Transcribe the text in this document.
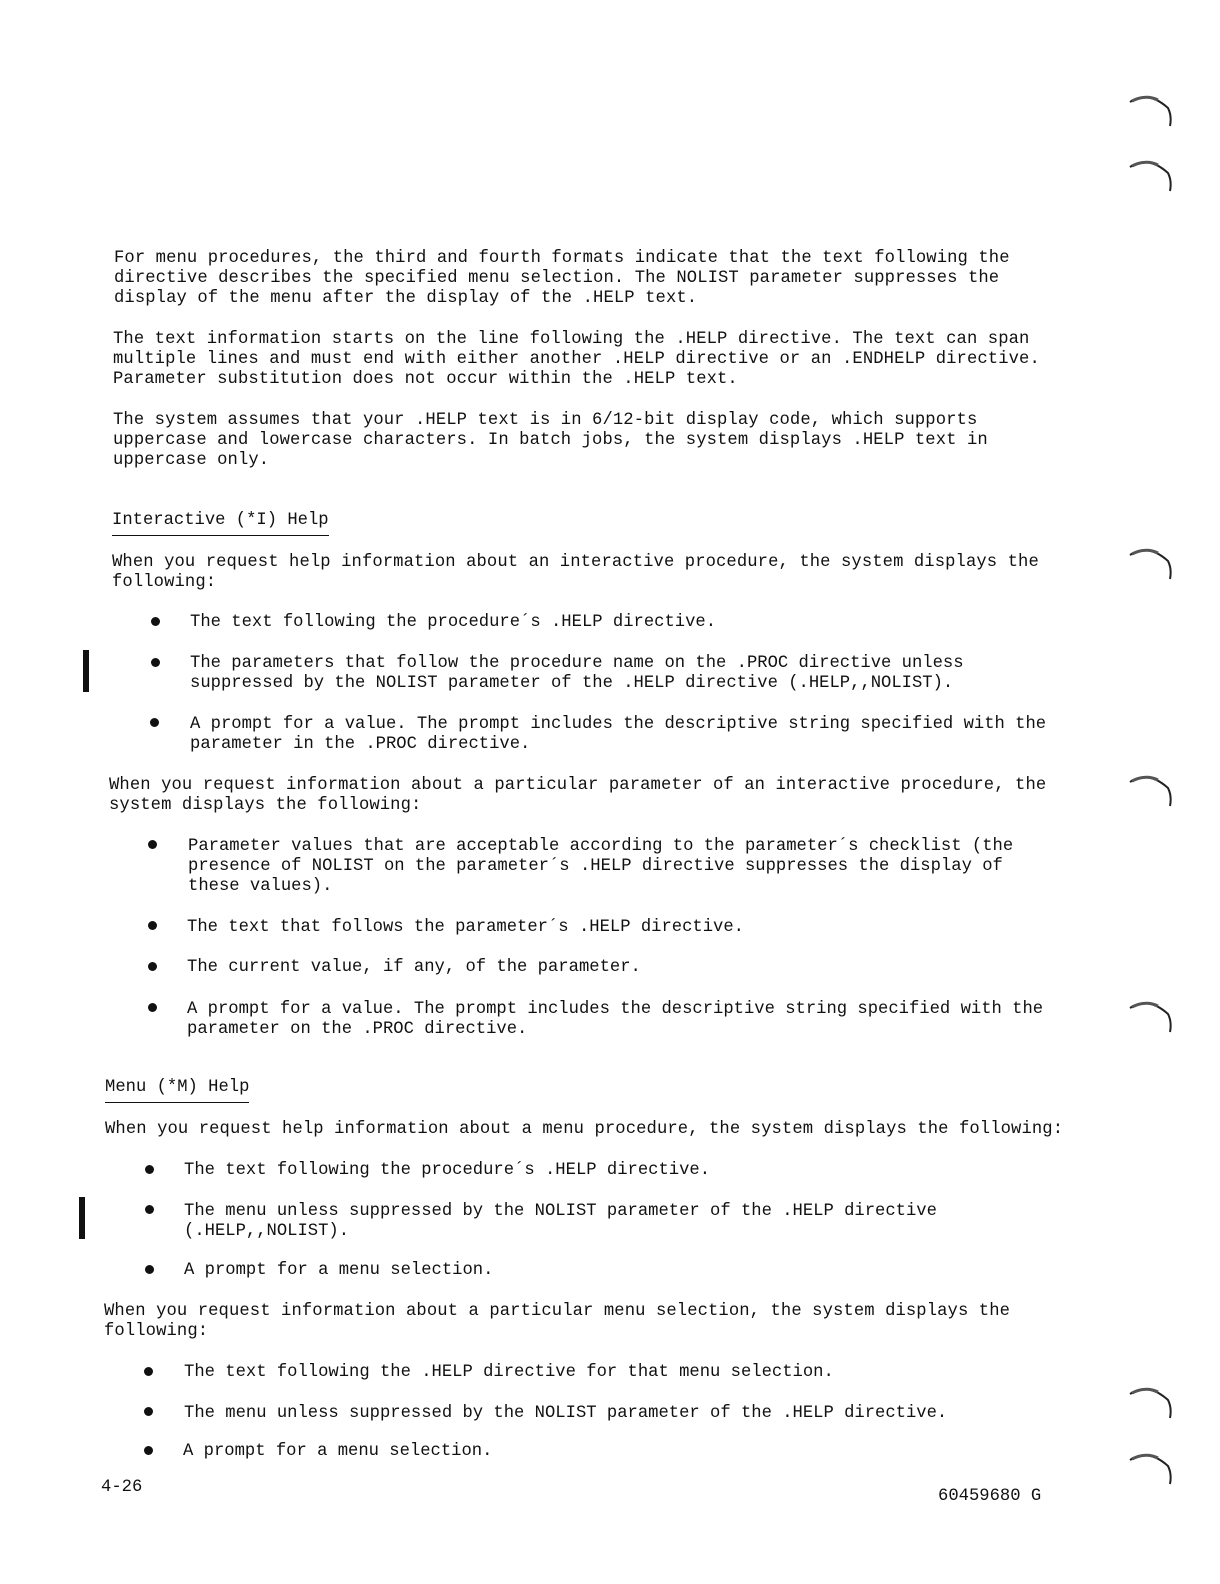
For menu procedures, the third and fourth formats indicate that the text following the
directive describes the specified menu selection. The NOLIST parameter suppresses the
display of the menu after the display of the .HELP text.
The text information starts on the line following the .HELP directive. The text can span
multiple lines and must end with either another .HELP directive or an .ENDHELP directive.
Parameter substitution does not occur within the .HELP text.
The system assumes that your .HELP text is in 6/12-bit display code, which supports
uppercase and lowercase characters. In batch jobs, the system displays .HELP text in
uppercase only.
Interactive (*I) Help
When you request help information about an interactive procedure, the system displays the
following:
The text following the procedure´s .HELP directive.
The parameters that follow the procedure name on the .PROC directive unless
suppressed by the NOLIST parameter of the .HELP directive (.HELP,,NOLIST).
A prompt for a value. The prompt includes the descriptive string specified with the
parameter in the .PROC directive.
When you request information about a particular parameter of an interactive procedure, the
system displays the following:
Parameter values that are acceptable according to the parameter´s checklist (the
presence of NOLIST on the parameter´s .HELP directive suppresses the display of
these values).
The text that follows the parameter´s .HELP directive.
The current value, if any, of the parameter.
A prompt for a value. The prompt includes the descriptive string specified with the
parameter on the .PROC directive.
Menu (*M) Help
When you request help information about a menu procedure, the system displays the following:
The text following the procedure´s .HELP directive.
The menu unless suppressed by the NOLIST parameter of the .HELP directive
(.HELP,,NOLIST).
A prompt for a menu selection.
When you request information about a particular menu selection, the system displays the
following:
The text following the .HELP directive for that menu selection.
The menu unless suppressed by the NOLIST parameter of the .HELP directive.
A prompt for a menu selection.
4-26	60459680 G
